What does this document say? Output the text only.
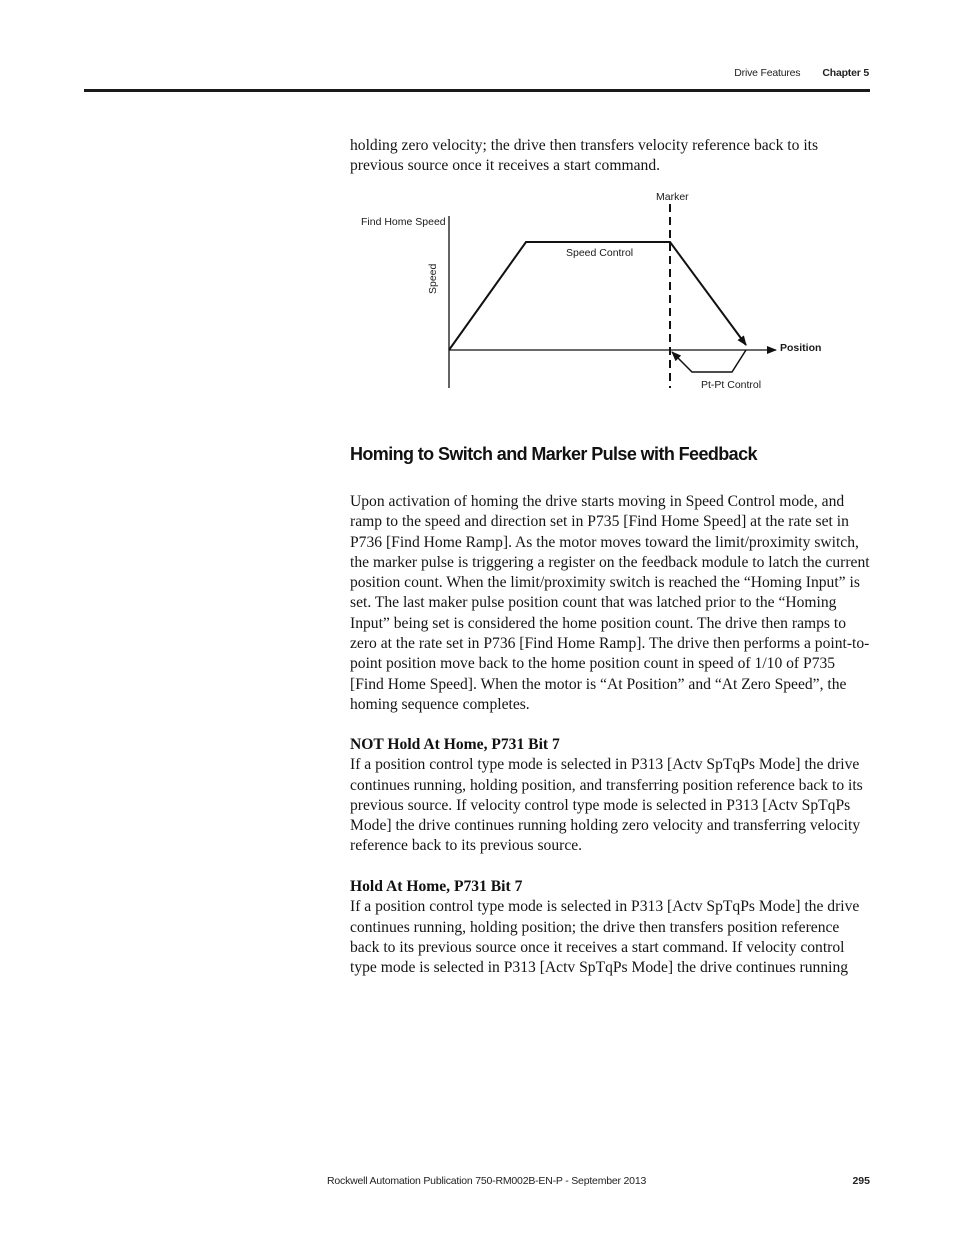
Drive Features Chapter 5

holding zero velocity; the drive then transfers velocity reference back to its previous source once it receives a start command.

Marker
Find Home Speed
Speed
Speed Control
Position
Pt-Pt Control
Homing to Switch and Marker Pulse with Feedback

Upon activation of homing the drive starts moving in Speed Control mode, and ramp to the speed and direction set in P735 [Find Home Speed] at the rate set in P736 [Find Home Ramp]. As the motor moves toward the limit/proximity switch, the marker pulse is triggering a register on the feedback module to latch the current position count. When the limit/proximity switch is reached the “Homing Input” is set. The last maker pulse position count that was latched prior to the “Homing Input” being set is considered the home position count. The drive then ramps to zero at the rate set in P736 [Find Home Ramp]. The drive then performs a point-to-point position move back to the home position count in speed of 1/10 of P735 [Find Home Speed]. When the motor is “At Position” and “At Zero Speed”, the homing sequence completes.

NOT Hold At Home, P731 Bit 7

If a position control type mode is selected in P313 [Actv SpTqPs Mode] the drive continues running, holding position, and transferring position reference back to its previous source. If velocity control type mode is selected in P313 [Actv SpTqPs Mode] the drive continues running holding zero velocity and transferring velocity reference back to its previous source.

Hold At Home, P731 Bit 7

If a position control type mode is selected in P313 [Actv SpTqPs Mode] the drive continues running, holding position; the drive then transfers position reference back to its previous source once it receives a start command. If velocity control type mode is selected in P313 [Actv SpTqPs Mode] the drive continues running

Rockwell Automation Publication 750-RM002B-EN-P - September 2013	295
